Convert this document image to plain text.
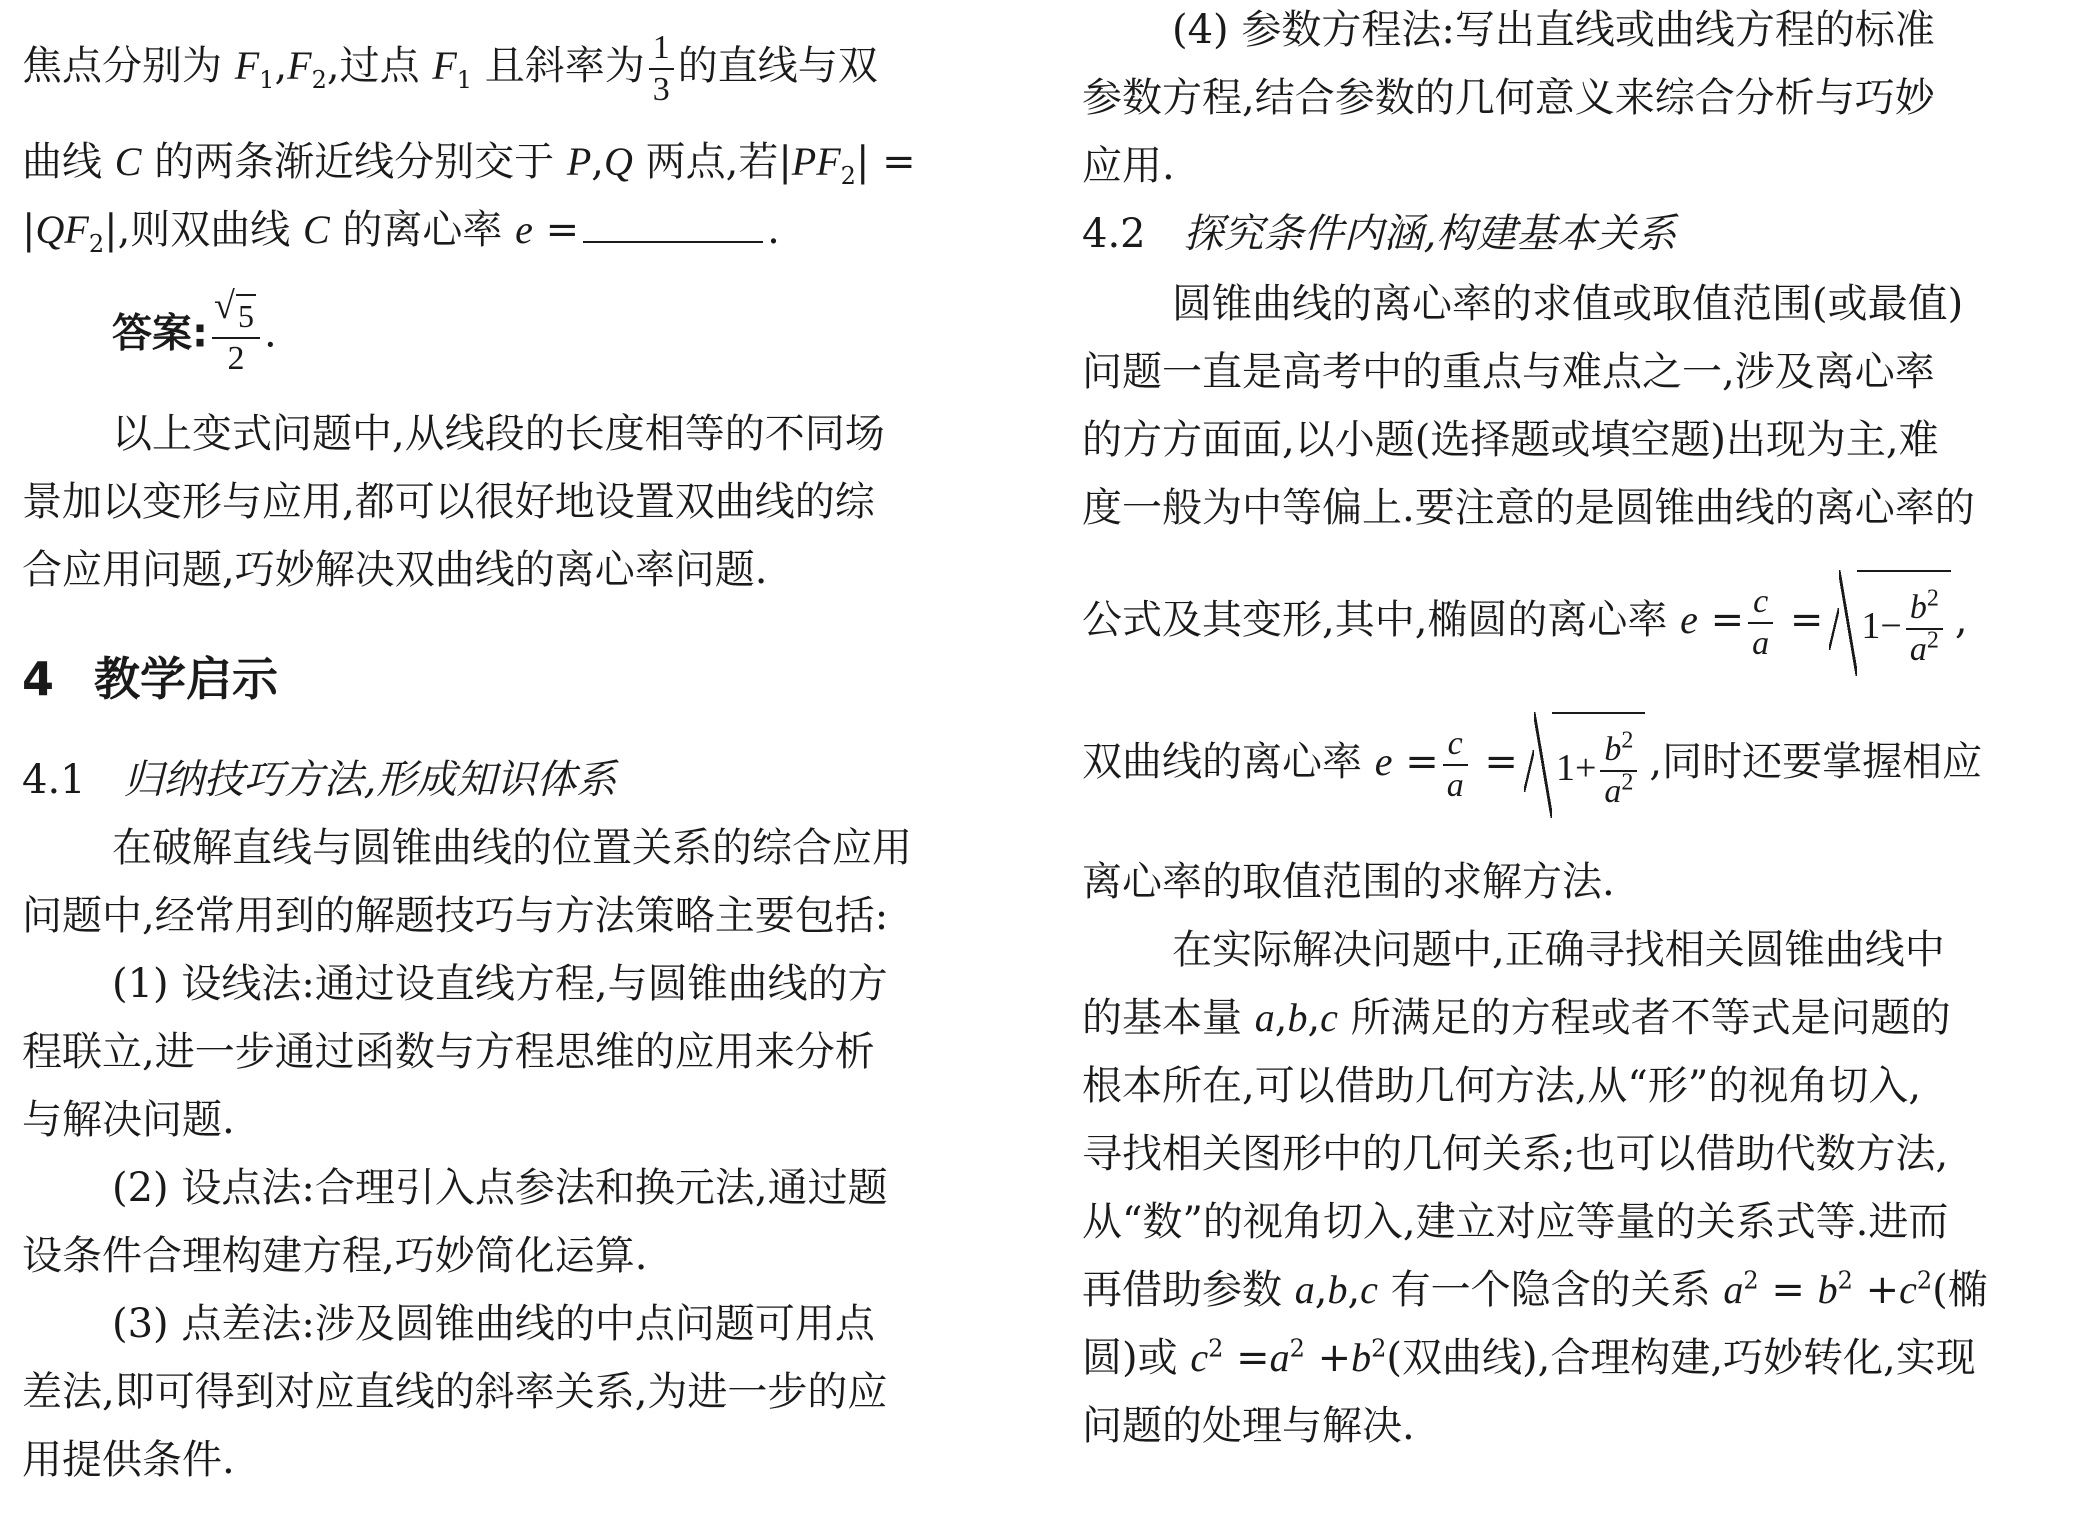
焦点分别为 $F_1,F_2$,过点 $F_1$ 且斜率为 $\frac{1}{3}$ 的直线与双
曲线 C 的两条渐近线分别交于 P,Q 两点,若$|PF_2|$ =
$|QF_2|$,则双曲线 C 的离心率 e =	.
答案:
√ $\frac{5}{2}$ .
以上变式问题中,从线段的长度相等的不同场
景加以变形与应用,都可以很好地设置双曲线的综
合应用问题,巧妙解决双曲线的离心率问题.
4 教学启示
4.1 归纳技巧方法,形成知识体系
在破解直线与圆锥曲线的位置关系的综合应用
问题中,经常用到的解题技巧与方法策略主要包括:
(1) 设线法:通过设直线方程,与圆锥曲线的方
程联立,进一步通过函数与方程思维的应用来分析
与解决问题.
(2) 设点法:合理引入点参法和换元法,通过题
设条件合理构建方程,巧妙简化运算.
(3) 点差法:涉及圆锥曲线的中点问题可用点
差法,即可得到对应直线的斜率关系,为进一步的应
用提供条件.
(4) 参数方程法:写出直线或曲线方程的标准
参数方程,结合参数的几何意义来综合分析与巧妙
应用.
4.2 探究条件内涵,构建基本关系
圆锥曲线的离心率的求值或取值范围(或最值)
问题一直是高考中的重点与难点之一,涉及离心率
的方方面面,以小题(选择题或填空题)出现为主,难
度一般为中等偏上.要注意的是圆锥曲线的离心率的
公式及其变形,其中,椭圆的离心率 $e = \frac{c}{a} = 1- \frac{b^2}{a^2}$ ,
双曲线的离心率 $e = \frac{c}{a} = 1+ \frac{b^2}{a^2}$ ,同时还要掌握相应
离心率的取值范围的求解方法.
在实际解决问题中,正确寻找相关圆锥曲线中
的基本量 a,b,c 所满足的方程或者不等式是问题的
根本所在,可以借助几何方法,从“形”的视角切入,
寻找相关图形中的几何关系;也可以借助代数方法,
从“数”的视角切入,建立对应等量的关系式等.进而
再借助参数 a,b,c 有一个隐含的关系 $a^2 = b^2 +c^2$(椭
圆)或 $c^2 =a^2 +b^2$(双曲线),合理构建,巧妙转化,实现
问题的处理与解决.
